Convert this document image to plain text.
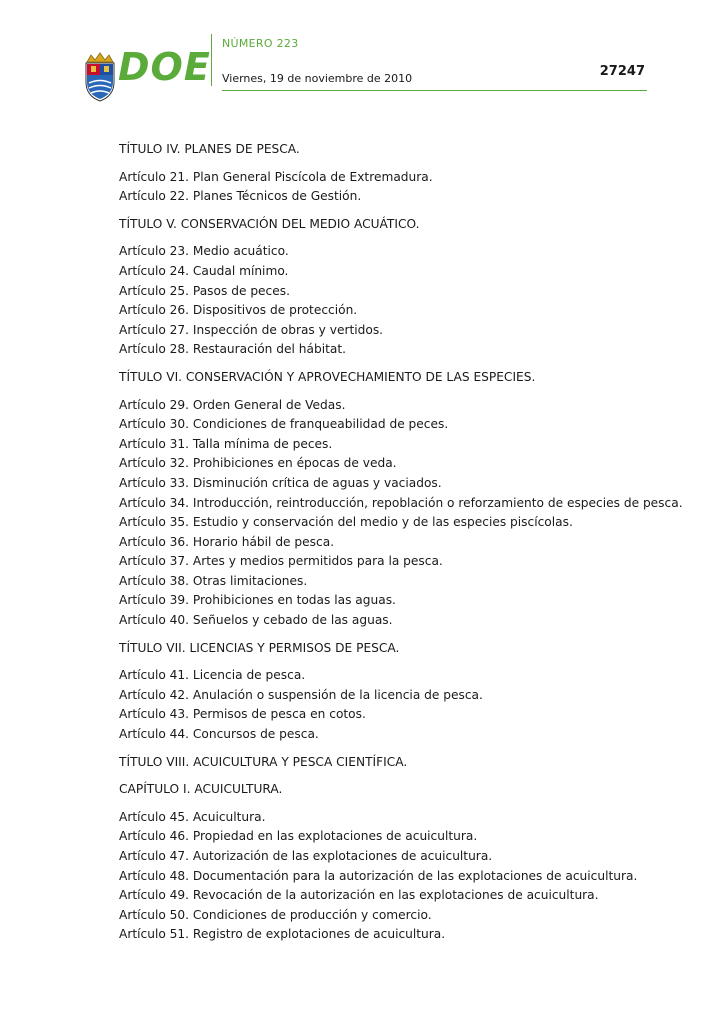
DOE
NÚMERO 223
Viernes, 19 de noviembre de 2010	27247
TÍTULO IV. PLANES DE PESCA.
Artículo 21. Plan General Piscícola de Extremadura.
Artículo 22. Planes Técnicos de Gestión.
TÍTULO V. CONSERVACIÓN DEL MEDIO ACUÁTICO.
Artículo 23. Medio acuático.
Artículo 24. Caudal mínimo.
Artículo 25. Pasos de peces.
Artículo 26. Dispositivos de protección.
Artículo 27. Inspección de obras y vertidos.
Artículo 28. Restauración del hábitat.
TÍTULO VI. CONSERVACIÓN Y APROVECHAMIENTO DE LAS ESPECIES.
Artículo 29. Orden General de Vedas.
Artículo 30. Condiciones de franqueabilidad de peces.
Artículo 31. Talla mínima de peces.
Artículo 32. Prohibiciones en épocas de veda.
Artículo 33. Disminución crítica de aguas y vaciados.
Artículo 34. Introducción, reintroducción, repoblación o reforzamiento de especies de pesca.
Artículo 35. Estudio y conservación del medio y de las especies piscícolas.
Artículo 36. Horario hábil de pesca.
Artículo 37. Artes y medios permitidos para la pesca.
Artículo 38. Otras limitaciones.
Artículo 39. Prohibiciones en todas las aguas.
Artículo 40. Señuelos y cebado de las aguas.
TÍTULO VII. LICENCIAS Y PERMISOS DE PESCA.
Artículo 41. Licencia de pesca.
Artículo 42. Anulación o suspensión de la licencia de pesca.
Artículo 43. Permisos de pesca en cotos.
Artículo 44. Concursos de pesca.
TÍTULO VIII. ACUICULTURA Y PESCA CIENTÍFICA.
CAPÍTULO I. ACUICULTURA.
Artículo 45. Acuicultura.
Artículo 46. Propiedad en las explotaciones de acuicultura.
Artículo 47. Autorización de las explotaciones de acuicultura.
Artículo 48. Documentación para la autorización de las explotaciones de acuicultura.
Artículo 49. Revocación de la autorización en las explotaciones de acuicultura.
Artículo 50. Condiciones de producción y comercio.
Artículo 51. Registro de explotaciones de acuicultura.
